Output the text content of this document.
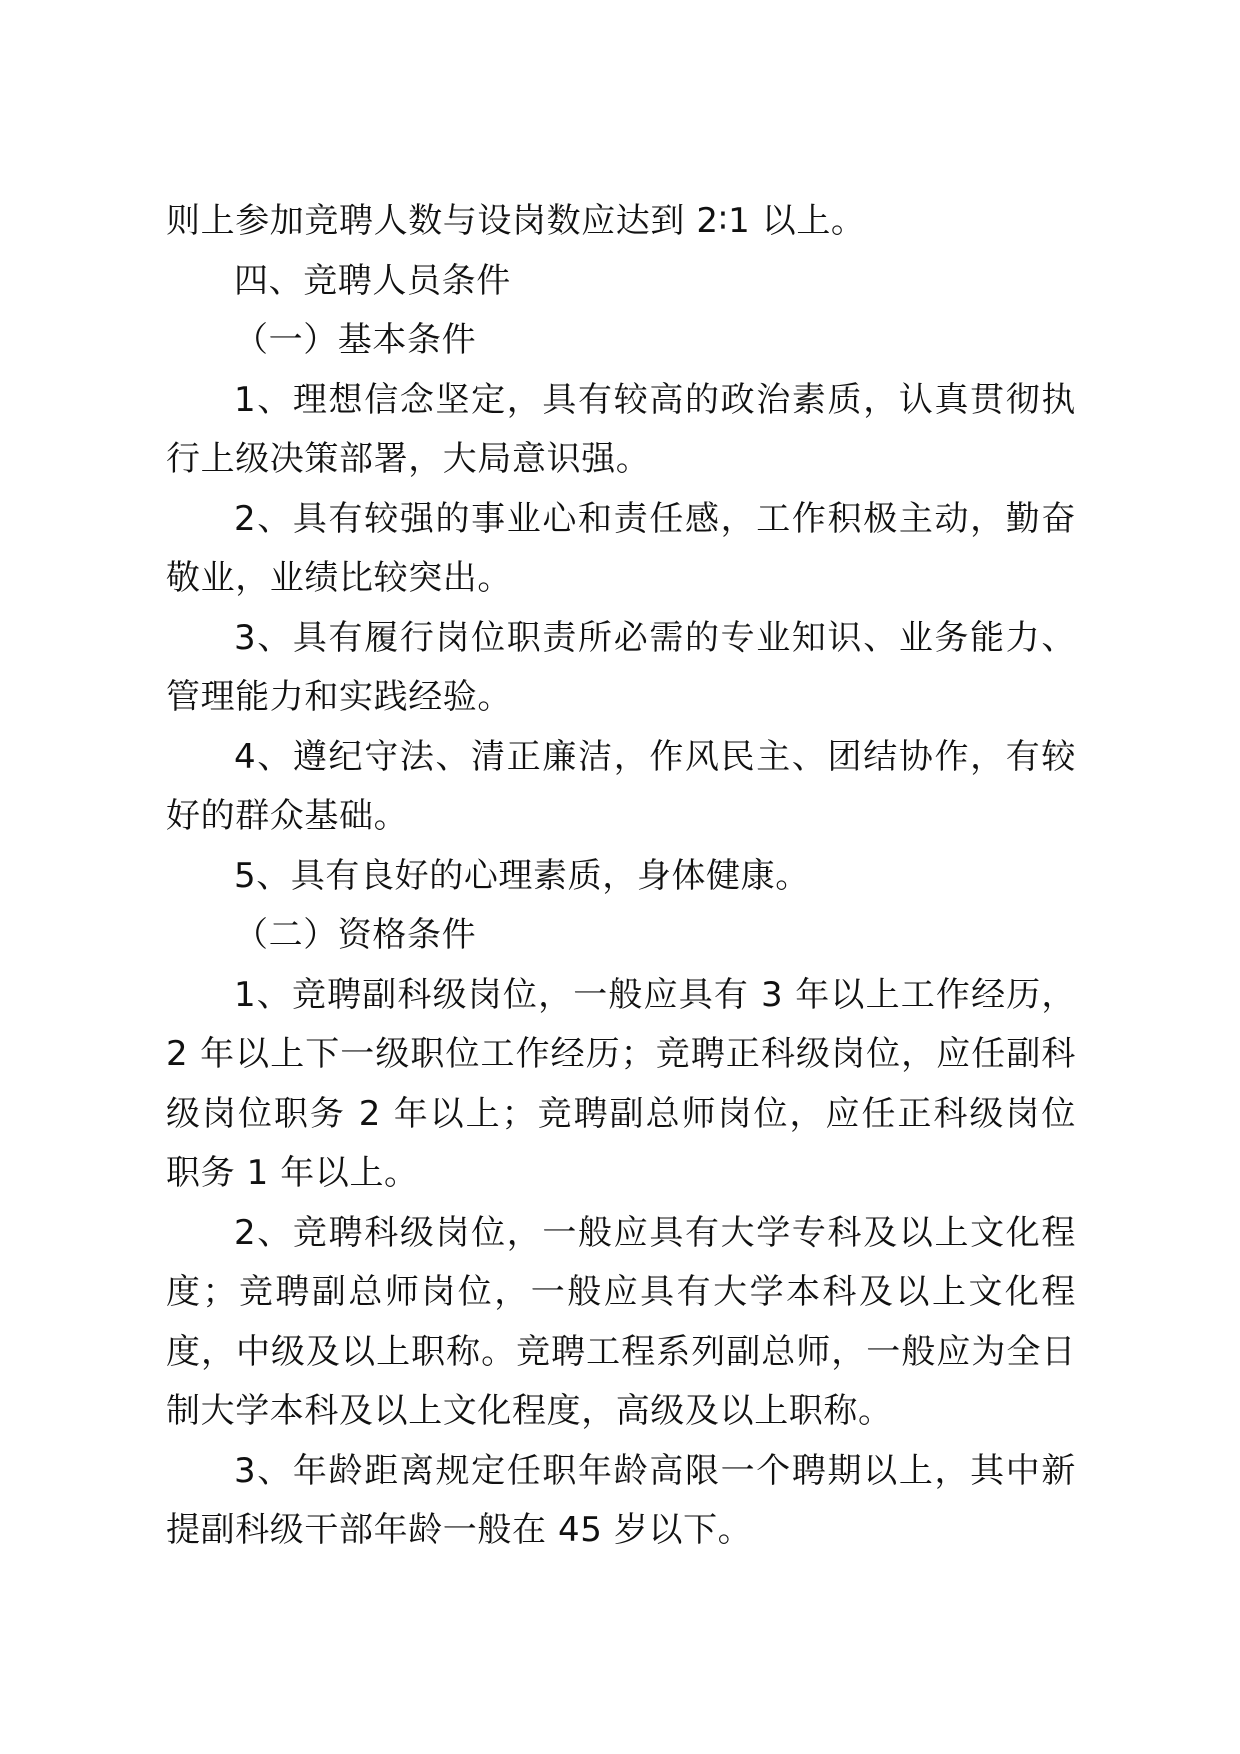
则上参加竞聘人数与设岗数应达到 2∶1 以上。

四、竞聘人员条件

（一）基本条件

1、理想信念坚定，具有较高的政治素质，认真贯彻执行上级决策部署，大局意识强。

2、具有较强的事业心和责任感，工作积极主动，勤奋敬业，业绩比较突出。

3、具有履行岗位职责所必需的专业知识、业务能力、管理能力和实践经验。

4、遵纪守法、清正廉洁，作风民主、团结协作，有较好的群众基础。

5、具有良好的心理素质，身体健康。

（二）资格条件

1、竞聘副科级岗位，一般应具有 3 年以上工作经历，2 年以上下一级职位工作经历；竞聘正科级岗位，应任副科级岗位职务 2 年以上；竞聘副总师岗位，应任正科级岗位职务 1 年以上。

2、竞聘科级岗位，一般应具有大学专科及以上文化程度；竞聘副总师岗位，一般应具有大学本科及以上文化程度，中级及以上职称。竞聘工程系列副总师，一般应为全日制大学本科及以上文化程度，高级及以上职称。

3、年龄距离规定任职年龄高限一个聘期以上，其中新提副科级干部年龄一般在 45 岁以下。
